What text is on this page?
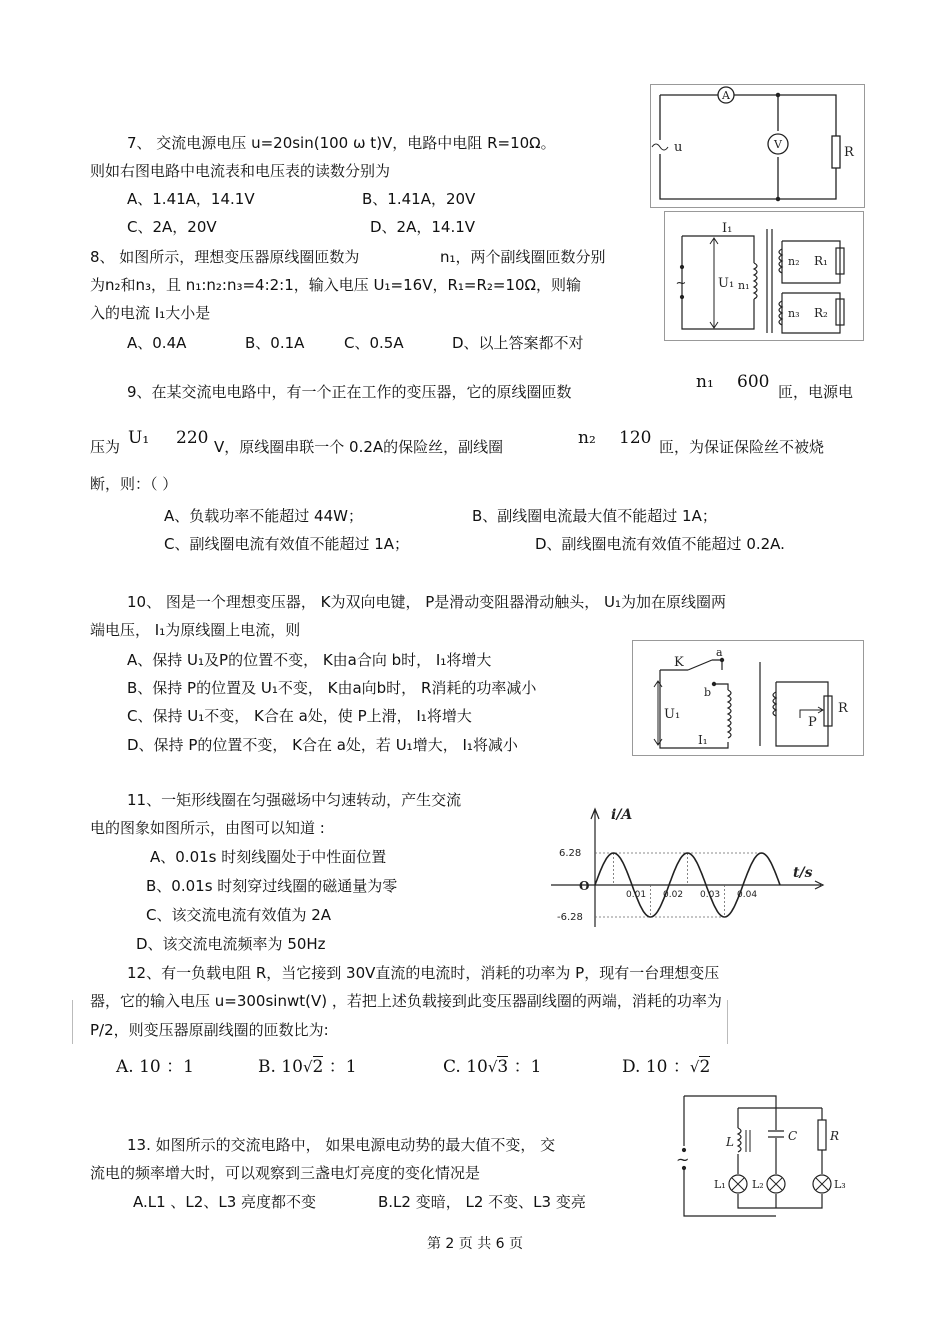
7、 交流电源电压 u=20sin(100 ω t)V，电路中电阻 R=10Ω。
则如右图电路中电流表和电压表的读数分别为
A、1.41A，14.1V	B、1.41A，20V
C、2A，20V	D、2A，14.1V
A
V
u	R
8、 如图所示，理想变压器原线圈匝数为	n₁，两个副线圈匝数分别
为n₂和n₃，且 n₁:n₂:n₃=4:2:1，输入电压 U₁=16V，R₁=R₂=10Ω，则输
入的电流 I₁大小是
A、0.4A	B、0.1A	C、0.5A	D、以上答案都不对
~
I₁
U₁ n₁
n₂
n₃
R₁
R₂
9、在某交流电电路中，有一个正在工作的变压器，它的原线圈匝数	n₁ 600 匝，电源电
压为 U₁ 220 V，原线圈串联一个 0.2A的保险丝，副线圈	n₂ 120 匝，为保证保险丝不被烧
断，则：（ ）
A、负载功率不能超过 44W；	B、副线圈电流最大值不能超过 1A；
C、副线圈电流有效值不能超过 1A；	D、副线圈电流有效值不能超过 0.2A.
10、 图是一个理想变压器， K为双向电键， P是滑动变阻器滑动触头， U₁为加在原线圈两
端电压， I₁为原线圈上电流，则
A、保持 U₁及P的位置不变， K由a合向 b时， I₁将增大
B、保持 P的位置及 U₁不变， K由a向b时， R消耗的功率减小
C、保持 U₁不变， K合在 a处，使 P上滑， I₁将增大
D、保持 P的位置不变， K合在 a处，若 U₁增大， I₁将减小
K
a
b
U₁
I₁
P
R
11、一矩形线圈在匀强磁场中匀速转动，产生交流
电的图象如图所示，由图可以知道 :
A、0.01s 时刻线圈处于中性面位置
B、0.01s 时刻穿过线圈的磁通量为零
C、该交流电流有效值为 2A
D、该交流电流频率为 50Hz
0.01 0.02 0.03 0.04
i/A
t/s
O
6.28
-6.28
12、有一负载电阻 R，当它接到 30V直流的电流时，消耗的功率为 P，现有一台理想变压
器，它的输入电压 u=300sinwt(V) ，若把上述负载接到此变压器副线圈的两端，消耗的功率为
P/2，则变压器原副线圈的匝数比为:
A. 10 ：1	B. 10√2 ：1	C. 10√3 ：1	D. 10 ：√2
13. 如图所示的交流电路中， 如果电源电动势的最大值不变， 交
流电的频率增大时，可以观察到三盏电灯亮度的变化情况是
A.L1 、L2、L3 亮度都不变	B.L2 变暗， L2 不变、L3 变亮
~
L	C	R
L₁ L₂	L₃
第 2 页 共 6 页
